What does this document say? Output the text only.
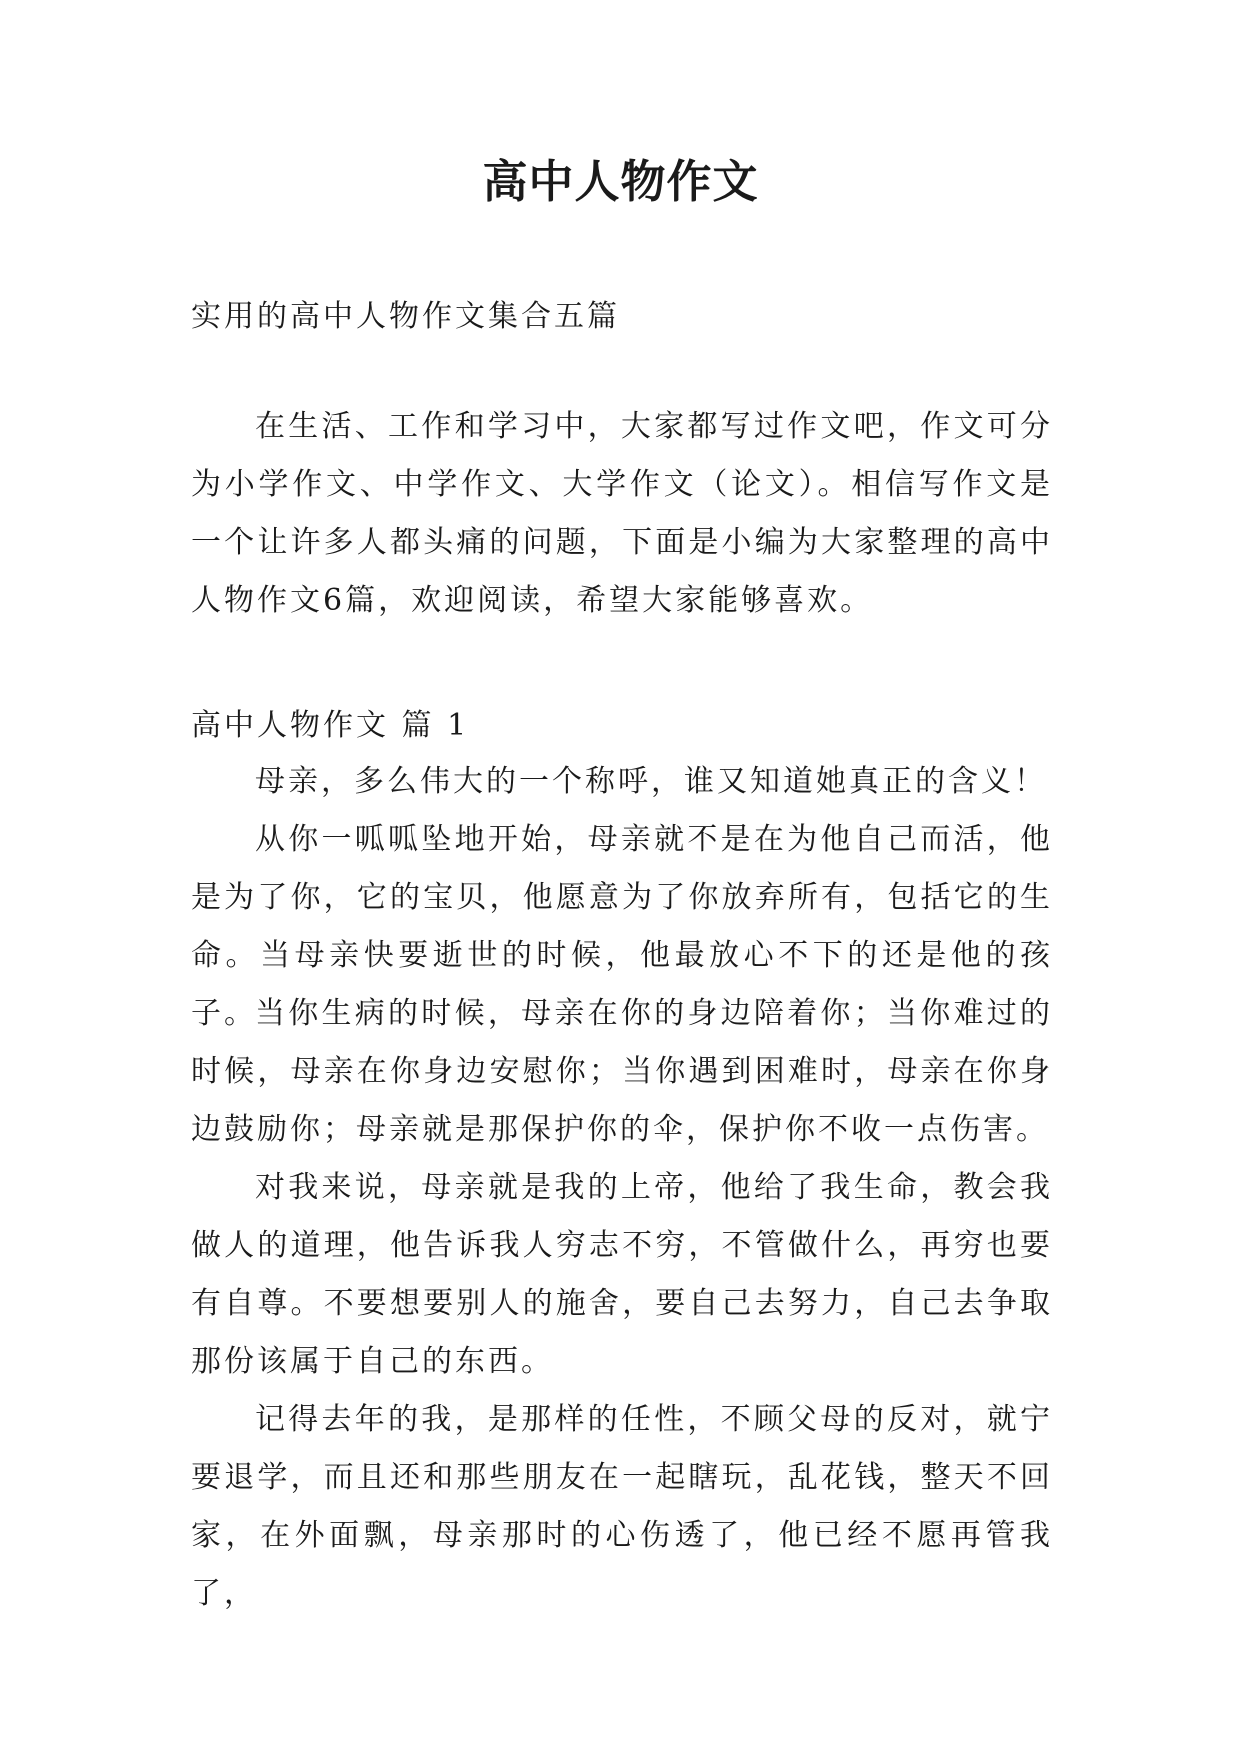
高中人物作文
实用的高中人物作文集合五篇

在生活、工作和学习中，大家都写过作文吧，作文可分为小学作文、中学作文、大学作文（论文）。相信写作文是一个让许多人都头痛的问题，下面是小编为大家整理的高中人物作文6篇，欢迎阅读，希望大家能够喜欢。

高中人物作文 篇 1

母亲，多么伟大的一个称呼，谁又知道她真正的含义！

从你一呱呱坠地开始，母亲就不是在为他自己而活，他是为了你，它的宝贝，他愿意为了你放弃所有，包括它的生命。当母亲快要逝世的时候，他最放心不下的还是他的孩子。

当你生病的时候，母亲在你的身边陪着你；当你难过的时候，母亲在你身边安慰你；当你遇到困难时，母亲在你身边鼓励你；母亲就是那保护你的伞，保护你不收一点伤害。

对我来说，母亲就是我的上帝，他给了我生命，教会我做人的道理，他告诉我人穷志不穷，不管做什么，再穷也要有自尊。不要想要别人的施舍，要自己去努力，自己去争取那份该属于自己的东西。

记得去年的我，是那样的任性，不顾父母的反对，就宁要退学，而且还和那些朋友在一起瞎玩，乱花钱，整天不回家，在外面飘，母亲那时的心伤透了，他已经不愿再管我了，
